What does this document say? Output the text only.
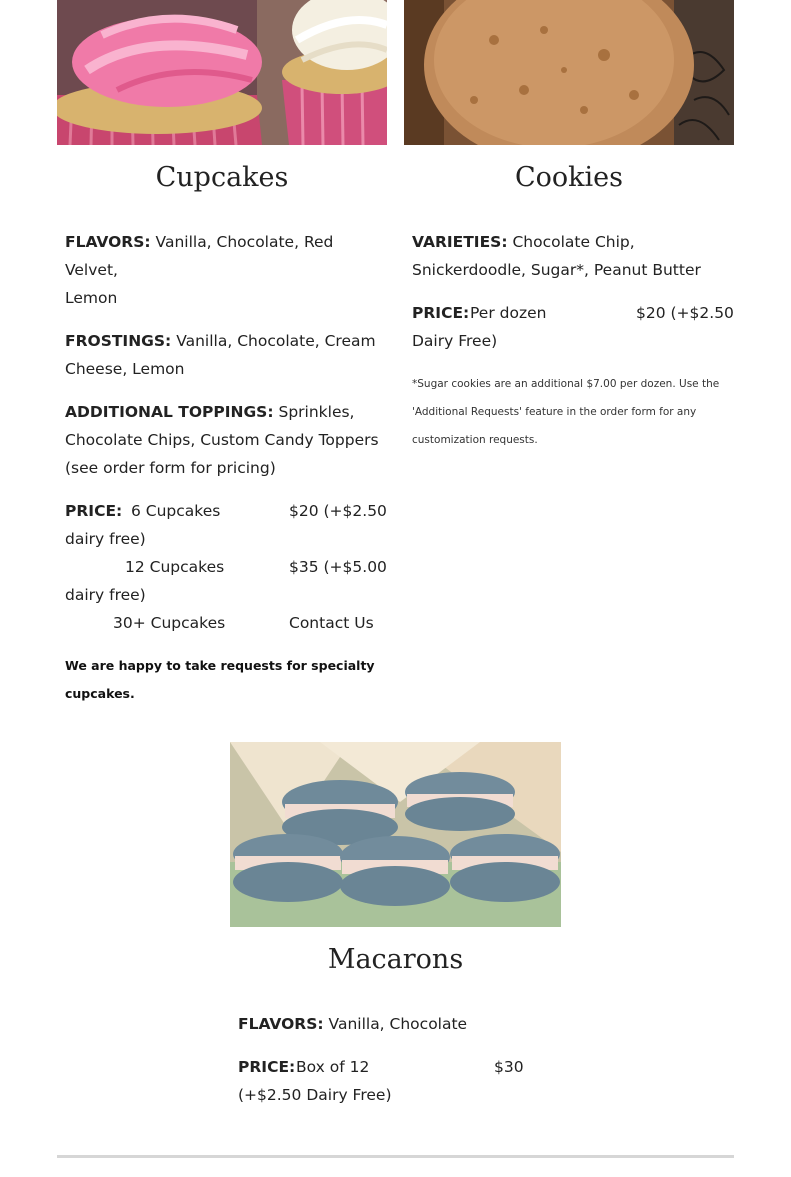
Cupcakes

FLAVORS: Vanilla, Chocolate, Red Velvet,

Lemon

FROSTINGS: Vanilla, Chocolate, Cream

Cheese, Lemon

ADDITIONAL TOPPINGS: Sprinkles,

Chocolate Chips, Custom Candy Toppers

(see order form for pricing)

PRICE: 6 Cupcakes	$20 (+$2.50

dairy free)

12 Cupcakes	$35 (+$5.00

dairy free)

30+ Cupcakes	Contact Us

We are happy to take requests for specialty

cupcakes.

Cookies

VARIETIES: Chocolate Chip,

Snickerdoodle, Sugar*, Peanut Butter

PRICE: Per dozen	$20 (+$2.50

Dairy Free)

*Sugar cookies are an additional $7.00 per dozen. Use the

'Additional Requests' feature in the order form for any

customization requests.

Macarons

FLAVORS: Vanilla, Chocolate

PRICE: Box of 12	$30

(+$2.50 Dairy Free)
